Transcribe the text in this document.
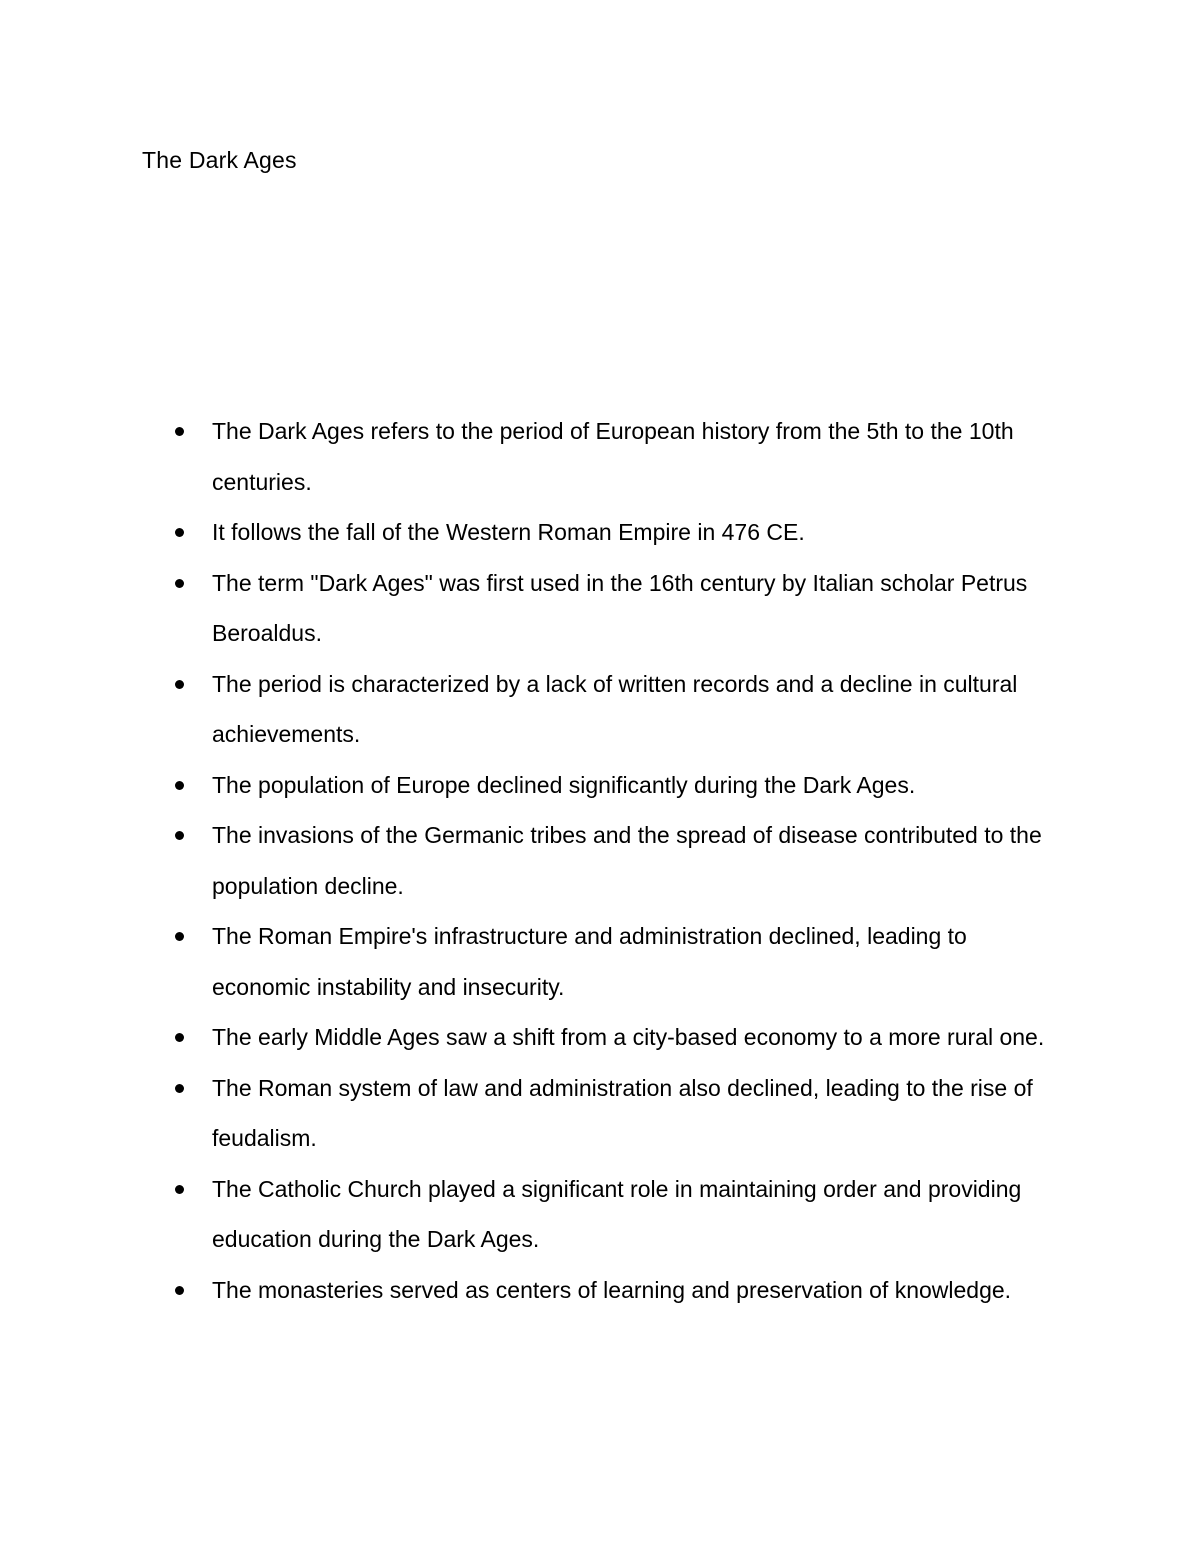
The Dark Ages
The Dark Ages refers to the period of European history from the 5th to the 10th centuries.
It follows the fall of the Western Roman Empire in 476 CE.
The term "Dark Ages" was first used in the 16th century by Italian scholar Petrus Beroaldus.
The period is characterized by a lack of written records and a decline in cultural achievements.
The population of Europe declined significantly during the Dark Ages.
The invasions of the Germanic tribes and the spread of disease contributed to the population decline.
The Roman Empire's infrastructure and administration declined, leading to economic instability and insecurity.
The early Middle Ages saw a shift from a city-based economy to a more rural one.
The Roman system of law and administration also declined, leading to the rise of feudalism.
The Catholic Church played a significant role in maintaining order and providing education during the Dark Ages.
The monasteries served as centers of learning and preservation of knowledge.
